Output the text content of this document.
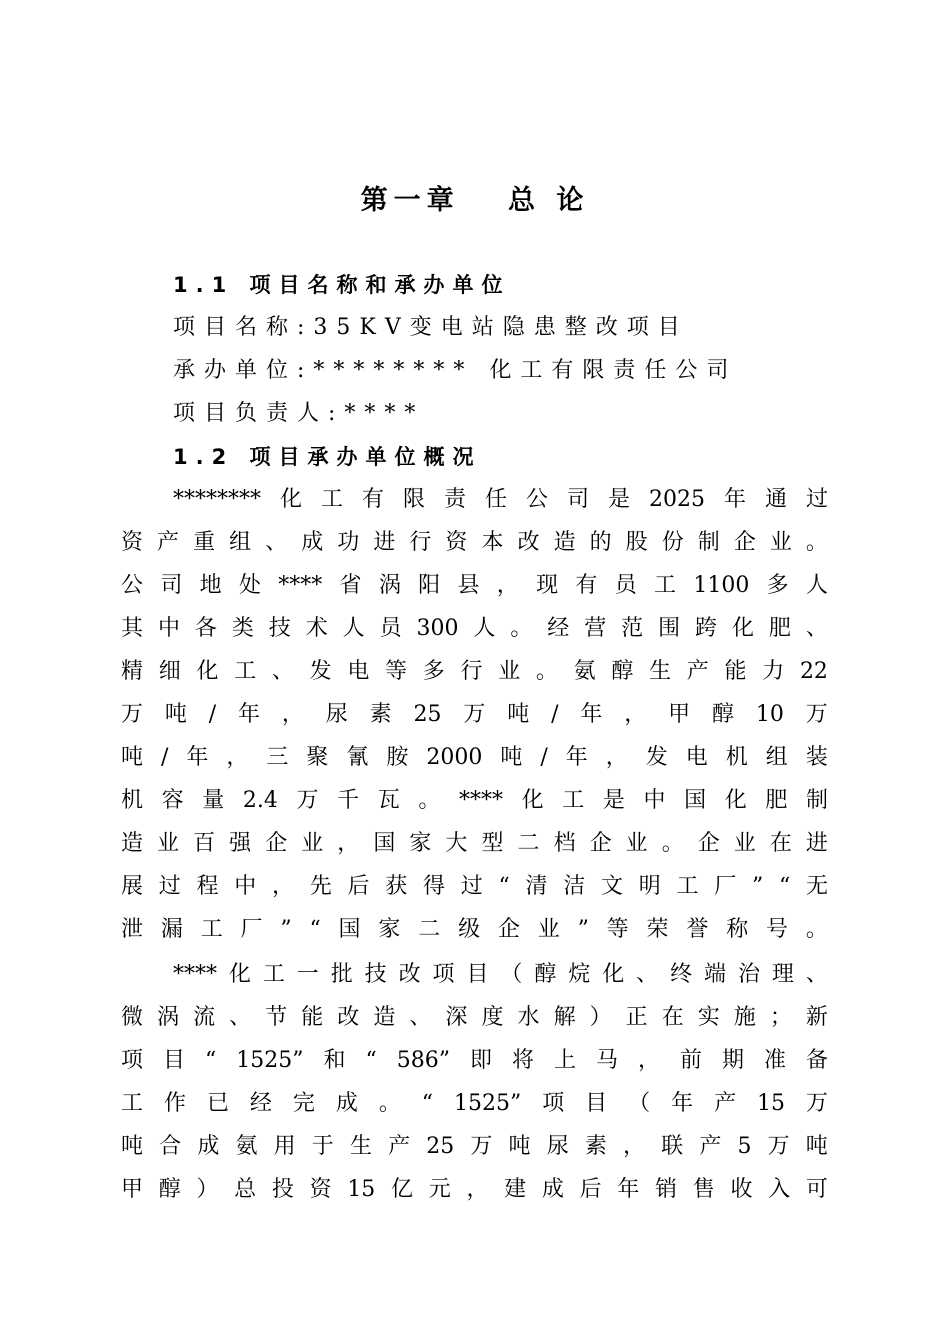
第一章　 总 论
1.1 项目名称和承办单位
项目名称:35KV变电站隐患整改项目
承办单位:******** 化工有限责任公司
项目负责人:****
1.2 项目承办单位概况
******** 化 工 有 限 责 任 公 司 是 2025 年 通 过
资 产 重 组 、 成 功 进 行 资 本 改 造 的 股 份 制 企 业 。
公 司 地 处 **** 省 涡 阳 县 ， 现 有 员 工 1100 多 人
其 中 各 类 技 术 人 员 300 人 。 经 营 范 围 跨 化 肥 、
精 细 化 工 、 发 电 等 多 行 业 。 氨 醇 生 产 能 力 22
万 吨 / 年 ， 尿 素 25 万 吨 / 年 ， 甲 醇 10 万
吨 / 年 ， 三 聚 氰 胺 2000 吨 / 年 ， 发 电 机 组 装
机 容 量 2.4 万 千 瓦 。 **** 化 工 是 中 国 化 肥 制
造 业 百 强 企 业 ， 国 家 大 型 二 档 企 业 。 企 业 在 进
展 过 程 中 ， 先 后 获 得 过 “ 清 洁 文 明 工 厂 ” “ 无
泄 漏 工 厂 ” “ 国 家 二 级 企 业 ” 等 荣 誉 称 号 。
**** 化 工 一 批 技 改 项 目 （ 醇 烷 化 、 终 端 治 理 、
微 涡 流 、 节 能 改 造 、 深 度 水 解 ） 正 在 实 施 ； 新
项 目 “ 1525” 和 “ 586” 即 将 上 马 ， 前 期 准 备
工 作 已 经 完 成 。 “ 1525” 项 目 （ 年 产 15 万
吨 合 成 氨 用 于 生 产 25 万 吨 尿 素 ， 联 产 5 万 吨
甲 醇 ） 总 投 资 15 亿 元 ， 建 成 后 年 销 售 收 入 可
